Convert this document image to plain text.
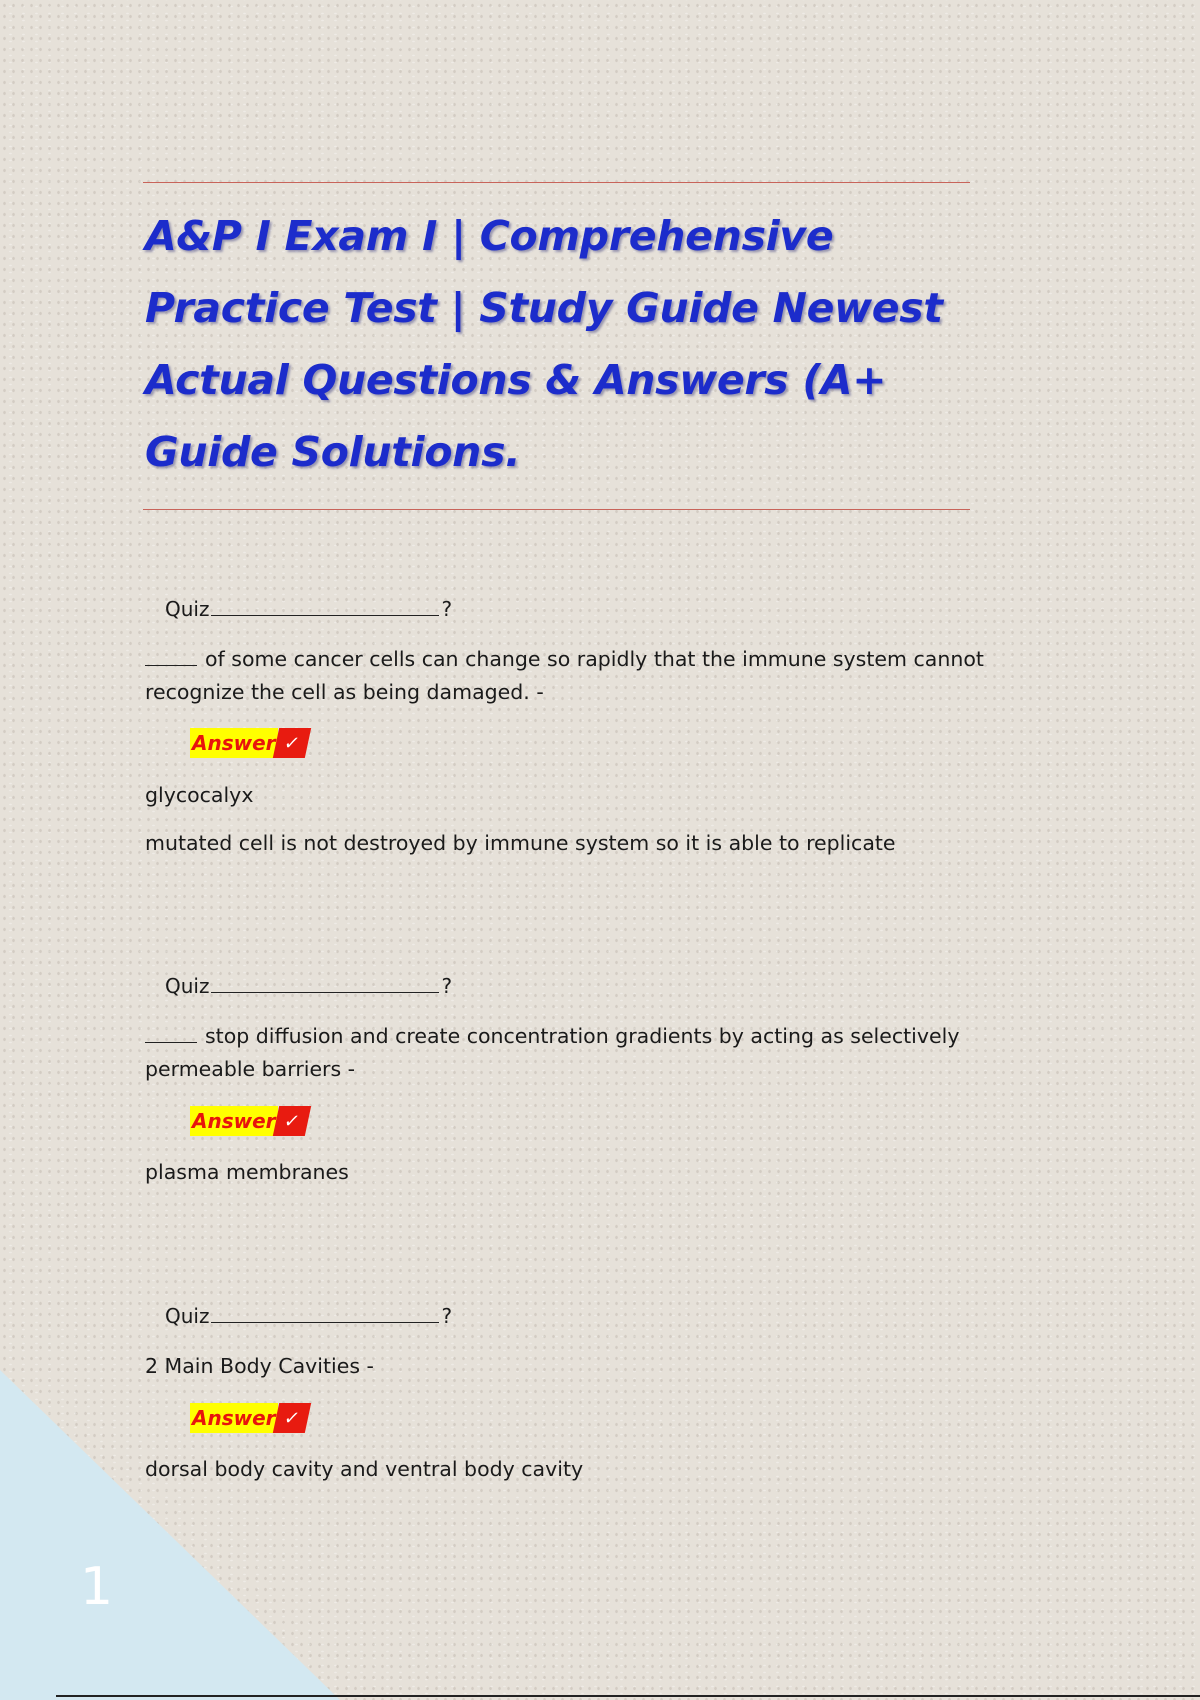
A&P I Exam I | Comprehensive
Practice Test | Study Guide Newest
Actual Questions & Answers (A+
Guide Solutions.
Quiz	?
of some cancer cells can change so rapidly that the immune system cannot recognize the cell as being damaged. -
Answer ✓
glycocalyx
mutated cell is not destroyed by immune system so it is able to replicate
Quiz	?
stop diffusion and create concentration gradients by acting as selectively permeable barriers -
Answer ✓
plasma membranes
Quiz	?
2 Main Body Cavities -
Answer ✓
dorsal body cavity and ventral body cavity
1
